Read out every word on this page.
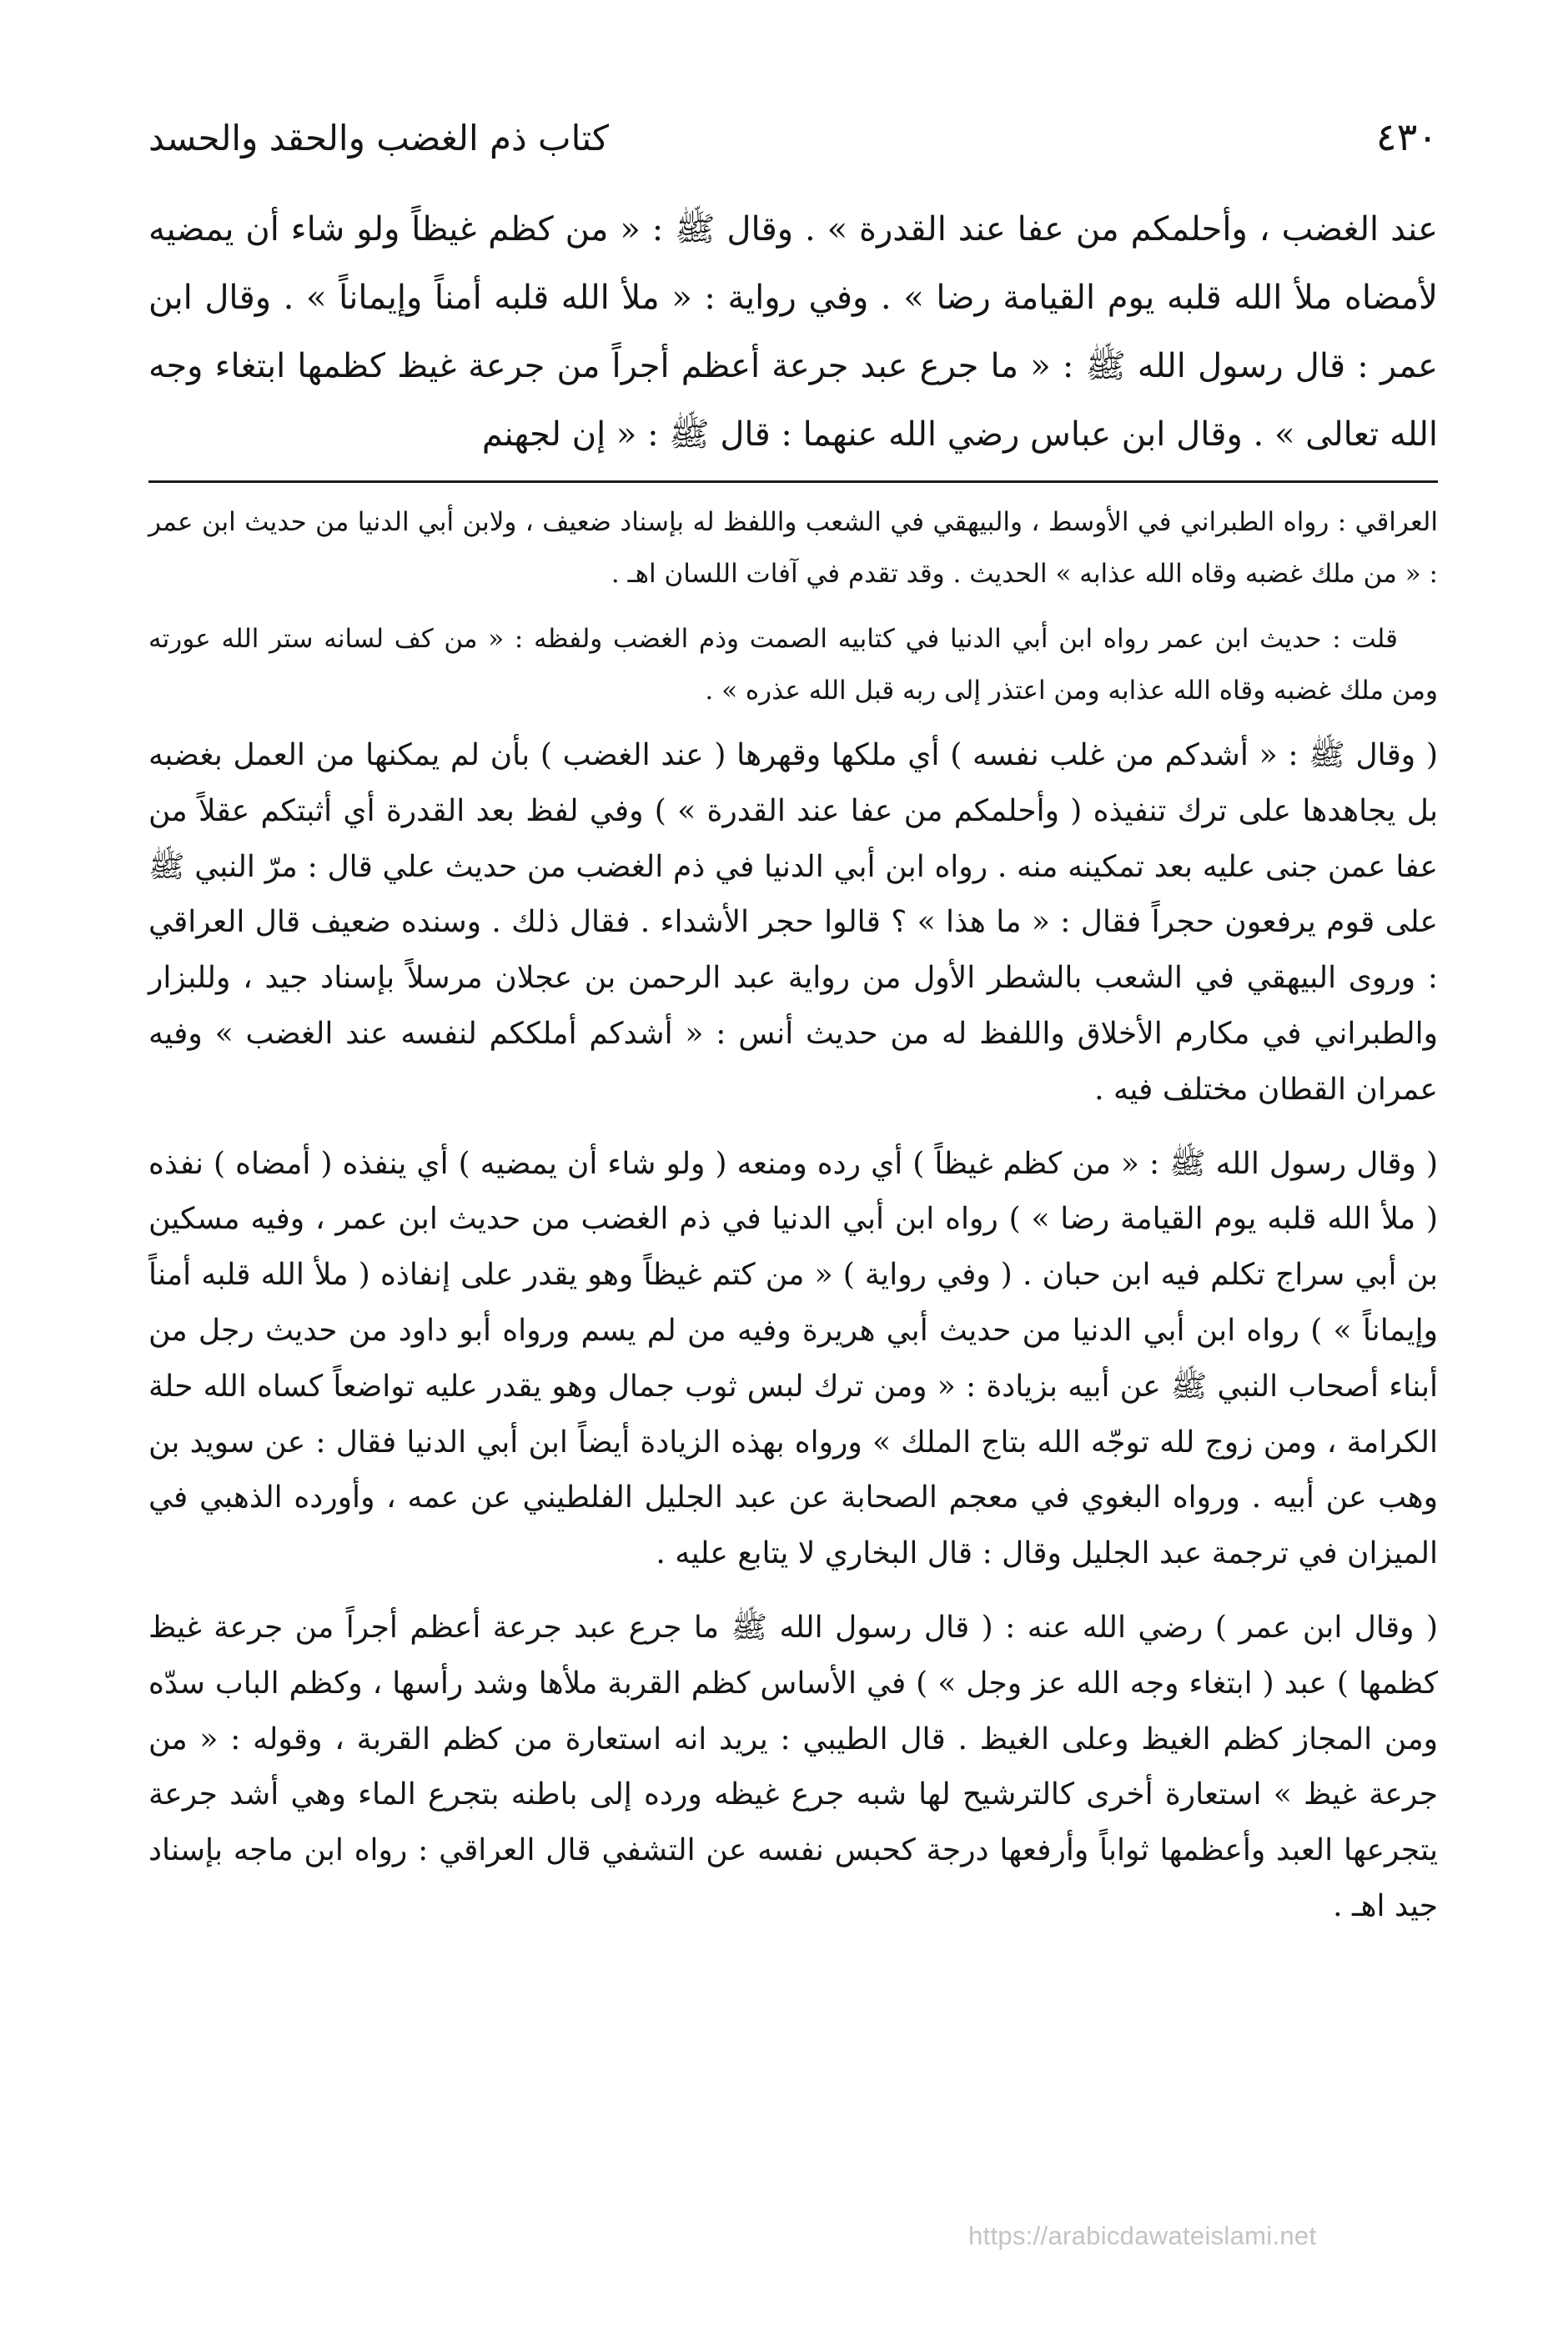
٤٣٠
كتاب ذم الغضب والحقد والحسد

عند الغضب ، وأحلمكم من عفا عند القدرة » . وقال ﷺ : « من كظم غيظاً ولو شاء أن يمضيه لأمضاه ملأ الله قلبه يوم القيامة رضا » . وفي رواية : « ملأ الله قلبه أمناً وإيماناً » . وقال ابن عمر : قال رسول الله ﷺ : « ما جرع عبد جرعة أعظم أجراً من جرعة غيظ كظمها ابتغاء وجه الله تعالى » . وقال ابن عباس رضي الله عنهما : قال ﷺ : « إن لجهنم

العراقي : رواه الطبراني في الأوسط ، والبيهقي في الشعب واللفظ له بإسناد ضعيف ، ولابن أبي الدنيا من حديث ابن عمر : « من ملك غضبه وقاه الله عذابه » الحديث . وقد تقدم في آفات اللسان اهـ .

قلت : حديث ابن عمر رواه ابن أبي الدنيا في كتابيه الصمت وذم الغضب ولفظه : « من كف لسانه ستر الله عورته ومن ملك غضبه وقاه الله عذابه ومن اعتذر إلى ربه قبل الله عذره » .

( وقال ﷺ : « أشدكم من غلب نفسه ) أي ملكها وقهرها ( عند الغضب ) بأن لم يمكنها من العمل بغضبه بل يجاهدها على ترك تنفيذه ( وأحلمكم من عفا عند القدرة » ) وفي لفظ بعد القدرة أي أثبتكم عقلاً من عفا عمن جنى عليه بعد تمكينه منه . رواه ابن أبي الدنيا في ذم الغضب من حديث علي قال : مرّ النبي ﷺ على قوم يرفعون حجراً فقال : « ما هذا » ؟ قالوا حجر الأشداء . فقال ذلك . وسنده ضعيف قال العراقي : وروى البيهقي في الشعب بالشطر الأول من رواية عبد الرحمن بن عجلان مرسلاً بإسناد جيد ، وللبزار والطبراني في مكارم الأخلاق واللفظ له من حديث أنس : « أشدكم أملككم لنفسه عند الغضب » وفيه عمران القطان مختلف فيه .

( وقال رسول الله ﷺ : « من كظم غيظاً ) أي رده ومنعه ( ولو شاء أن يمضيه ) أي ينفذه ( أمضاه ) نفذه ( ملأ الله قلبه يوم القيامة رضا » ) رواه ابن أبي الدنيا في ذم الغضب من حديث ابن عمر ، وفيه مسكين بن أبي سراج تكلم فيه ابن حبان . ( وفي رواية ) « من كتم غيظاً وهو يقدر على إنفاذه ( ملأ الله قلبه أمناً وإيماناً » ) رواه ابن أبي الدنيا من حديث أبي هريرة وفيه من لم يسم ورواه أبو داود من حديث رجل من أبناء أصحاب النبي ﷺ عن أبيه بزيادة : « ومن ترك لبس ثوب جمال وهو يقدر عليه تواضعاً كساه الله حلة الكرامة ، ومن زوج لله توجّه الله بتاج الملك » ورواه بهذه الزيادة أيضاً ابن أبي الدنيا فقال : عن سويد بن وهب عن أبيه . ورواه البغوي في معجم الصحابة عن عبد الجليل الفلطيني عن عمه ، وأورده الذهبي في الميزان في ترجمة عبد الجليل وقال : قال البخاري لا يتابع عليه .

( وقال ابن عمر ) رضي الله عنه : ( قال رسول الله ﷺ ما جرع عبد جرعة أعظم أجراً من جرعة غيظ كظمها ) عبد ( ابتغاء وجه الله عز وجل » ) في الأساس كظم القربة ملأها وشد رأسها ، وكظم الباب سدّه ومن المجاز كظم الغيظ وعلى الغيظ . قال الطيبي : يريد انه استعارة من كظم القربة ، وقوله : « من جرعة غيظ » استعارة أخرى كالترشيح لها شبه جرع غيظه ورده إلى باطنه بتجرع الماء وهي أشد جرعة يتجرعها العبد وأعظمها ثواباً وأرفعها درجة كحبس نفسه عن التشفي قال العراقي : رواه ابن ماجه بإسناد جيد اهـ .

https://arabicdawateislami.net
